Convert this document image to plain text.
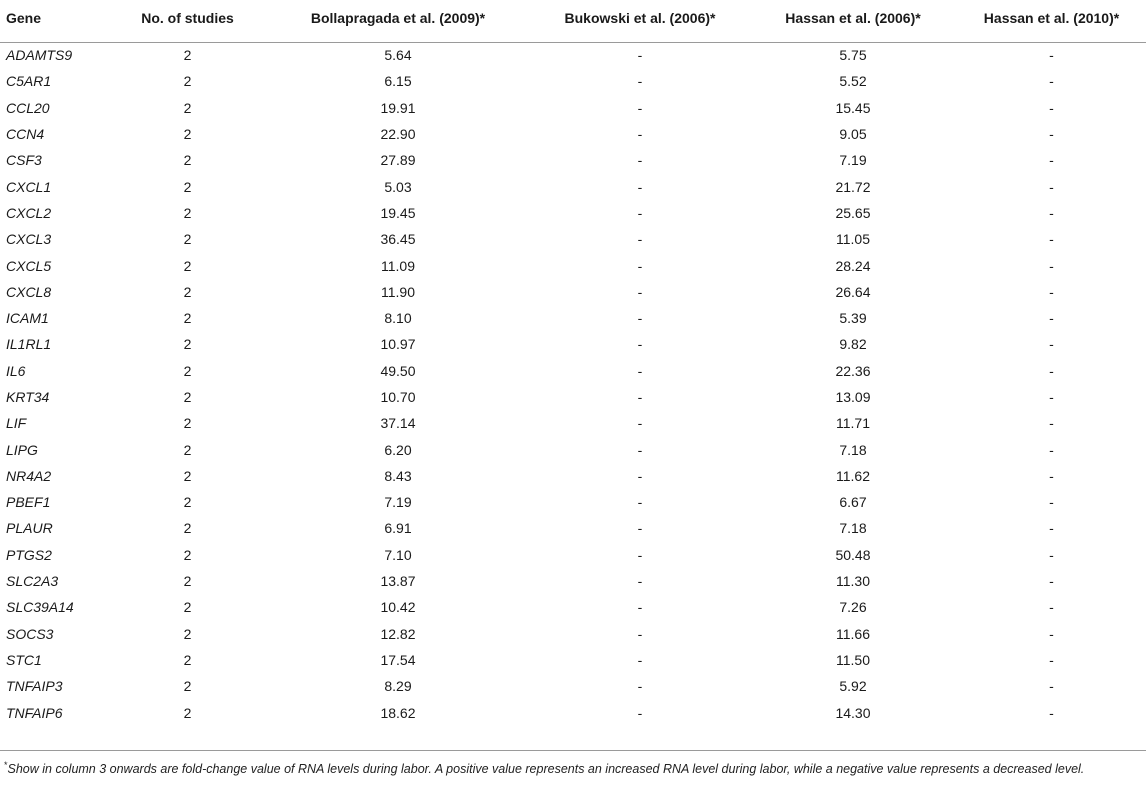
Gene	No. of studies	Bollapragada et al. (2009)*	Bukowski et al. (2006)*	Hassan et al. (2006)*	Hassan et al. (2010)*
ADAMTS9	2	5.64	-	5.75	-
C5AR1	2	6.15	-	5.52	-
CCL20	2	19.91	-	15.45	-
CCN4	2	22.90	-	9.05	-
CSF3	2	27.89	-	7.19	-
CXCL1	2	5.03	-	21.72	-
CXCL2	2	19.45	-	25.65	-
CXCL3	2	36.45	-	11.05	-
CXCL5	2	11.09	-	28.24	-
CXCL8	2	11.90	-	26.64	-
ICAM1	2	8.10	-	5.39	-
IL1RL1	2	10.97	-	9.82	-
IL6	2	49.50	-	22.36	-
KRT34	2	10.70	-	13.09	-
LIF	2	37.14	-	11.71	-
LIPG	2	6.20	-	7.18	-
NR4A2	2	8.43	-	11.62	-
PBEF1	2	7.19	-	6.67	-
PLAUR	2	6.91	-	7.18	-
PTGS2	2	7.10	-	50.48	-
SLC2A3	2	13.87	-	11.30	-
SLC39A14	2	10.42	-	7.26	-
SOCS3	2	12.82	-	11.66	-
STC1	2	17.54	-	11.50	-
TNFAIP3	2	8.29	-	5.92	-
TNFAIP6	2	18.62	-	14.30	-
*Show in column 3 onwards are fold-change value of RNA levels during labor. A positive value represents an increased RNA level during labor, while a negative value represents a decreased level.
